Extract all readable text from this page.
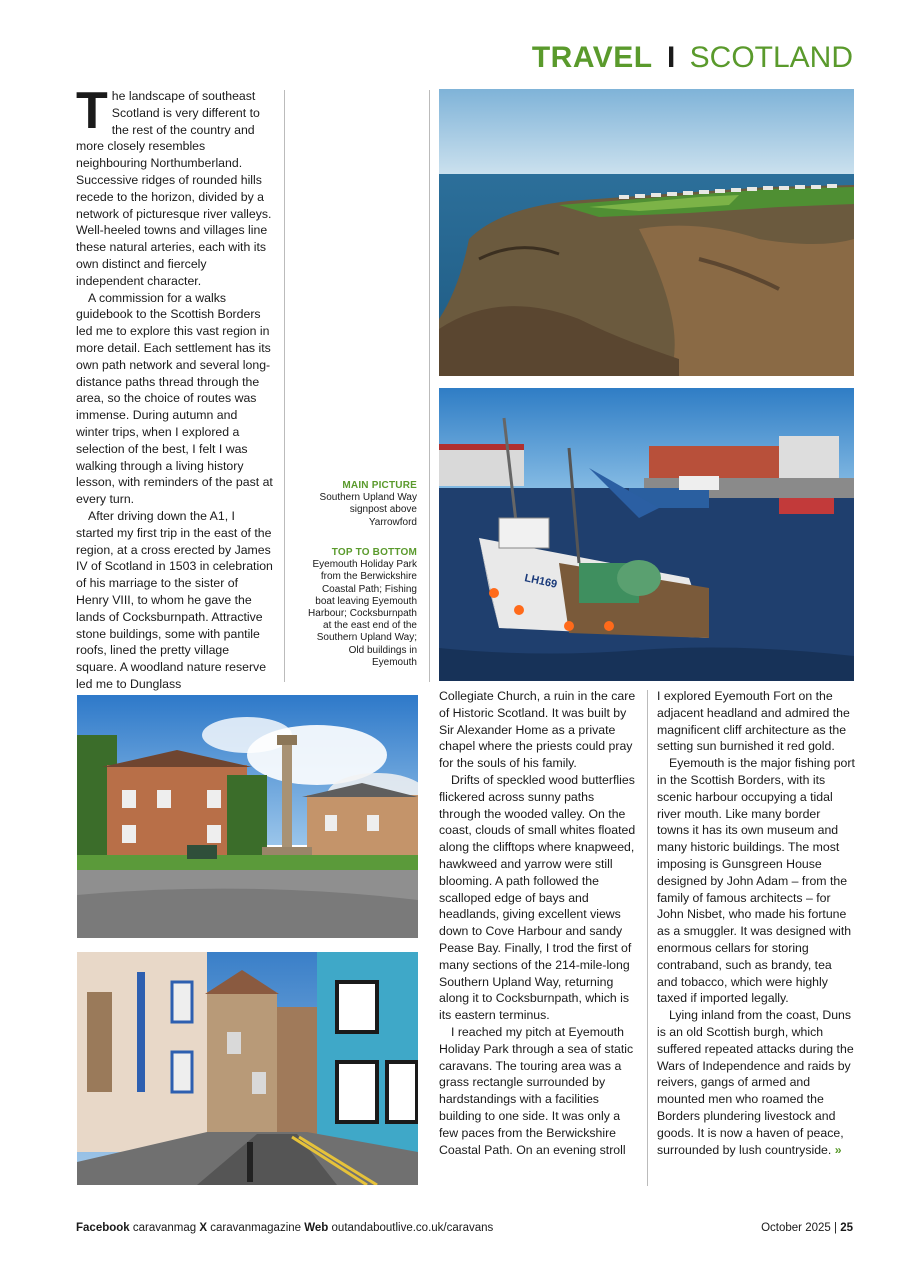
TRAVEL I SCOTLAND

The landscape of southeast Scotland is very different to the rest of the country and more closely resembles neighbouring Northumberland. Successive ridges of rounded hills recede to the horizon, divided by a network of picturesque river valleys. Well-heeled towns and villages line these natural arteries, each with its own distinct and fiercely independent character.

A commission for a walks guidebook to the Scottish Borders led me to explore this vast region in more detail. Each settlement has its own path network and several long-distance paths thread through the area, so the choice of routes was immense. During autumn and winter trips, when I explored a selection of the best, I felt I was walking through a living history lesson, with reminders of the past at every turn.

After driving down the A1, I started my first trip in the east of the region, at a cross erected by James IV of Scotland in 1503 in celebration of his marriage to the sister of Henry VIII, to whom he gave the lands of Cocksburnpath. Attractive stone buildings, some with pantile roofs, lined the pretty village square. A woodland nature reserve led me to Dunglass

MAIN PICTURE
Southern Upland Way signpost above Yarrowford
TOP TO BOTTOM
Eyemouth Holiday Park from the Berwickshire Coastal Path; Fishing boat leaving Eyemouth Harbour; Cocksburnpath at the east end of the Southern Upland Way; Old buildings in Eyemouth
LH169

Collegiate Church, a ruin in the care of Historic Scotland. It was built by Sir Alexander Home as a private chapel where the priests could pray for the souls of his family.

Drifts of speckled wood butterflies flickered across sunny paths through the wooded valley. On the coast, clouds of small whites floated along the clifftops where knapweed, hawkweed and yarrow were still blooming. A path followed the scalloped edge of bays and headlands, giving excellent views down to Cove Harbour and sandy Pease Bay. Finally, I trod the first of many sections of the 214-mile-long Southern Upland Way, returning along it to Cocksburnpath, which is its eastern terminus.

I reached my pitch at Eyemouth Holiday Park through a sea of static caravans. The touring area was a grass rectangle surrounded by hardstandings with a facilities building to one side. It was only a few paces from the Berwickshire Coastal Path. On an evening stroll

I explored Eyemouth Fort on the adjacent headland and admired the magnificent cliff architecture as the setting sun burnished it red gold.

Eyemouth is the major fishing port in the Scottish Borders, with its scenic harbour occupying a tidal river mouth. Like many border towns it has its own museum and many historic buildings. The most imposing is Gunsgreen House designed by John Adam – from the family of famous architects – for John Nisbet, who made his fortune as a smuggler. It was designed with enormous cellars for storing contraband, such as brandy, tea and tobacco, which were highly taxed if imported legally.

Lying inland from the coast, Duns is an old Scottish burgh, which suffered repeated attacks during the Wars of Independence and raids by reivers, gangs of armed and mounted men who roamed the Borders plundering livestock and goods. It is now a haven of peace, surrounded by lush countryside. »

Facebook caravanmag X caravanmagazine Web outandaboutlive.co.uk/caravans	October 2025 | 25
